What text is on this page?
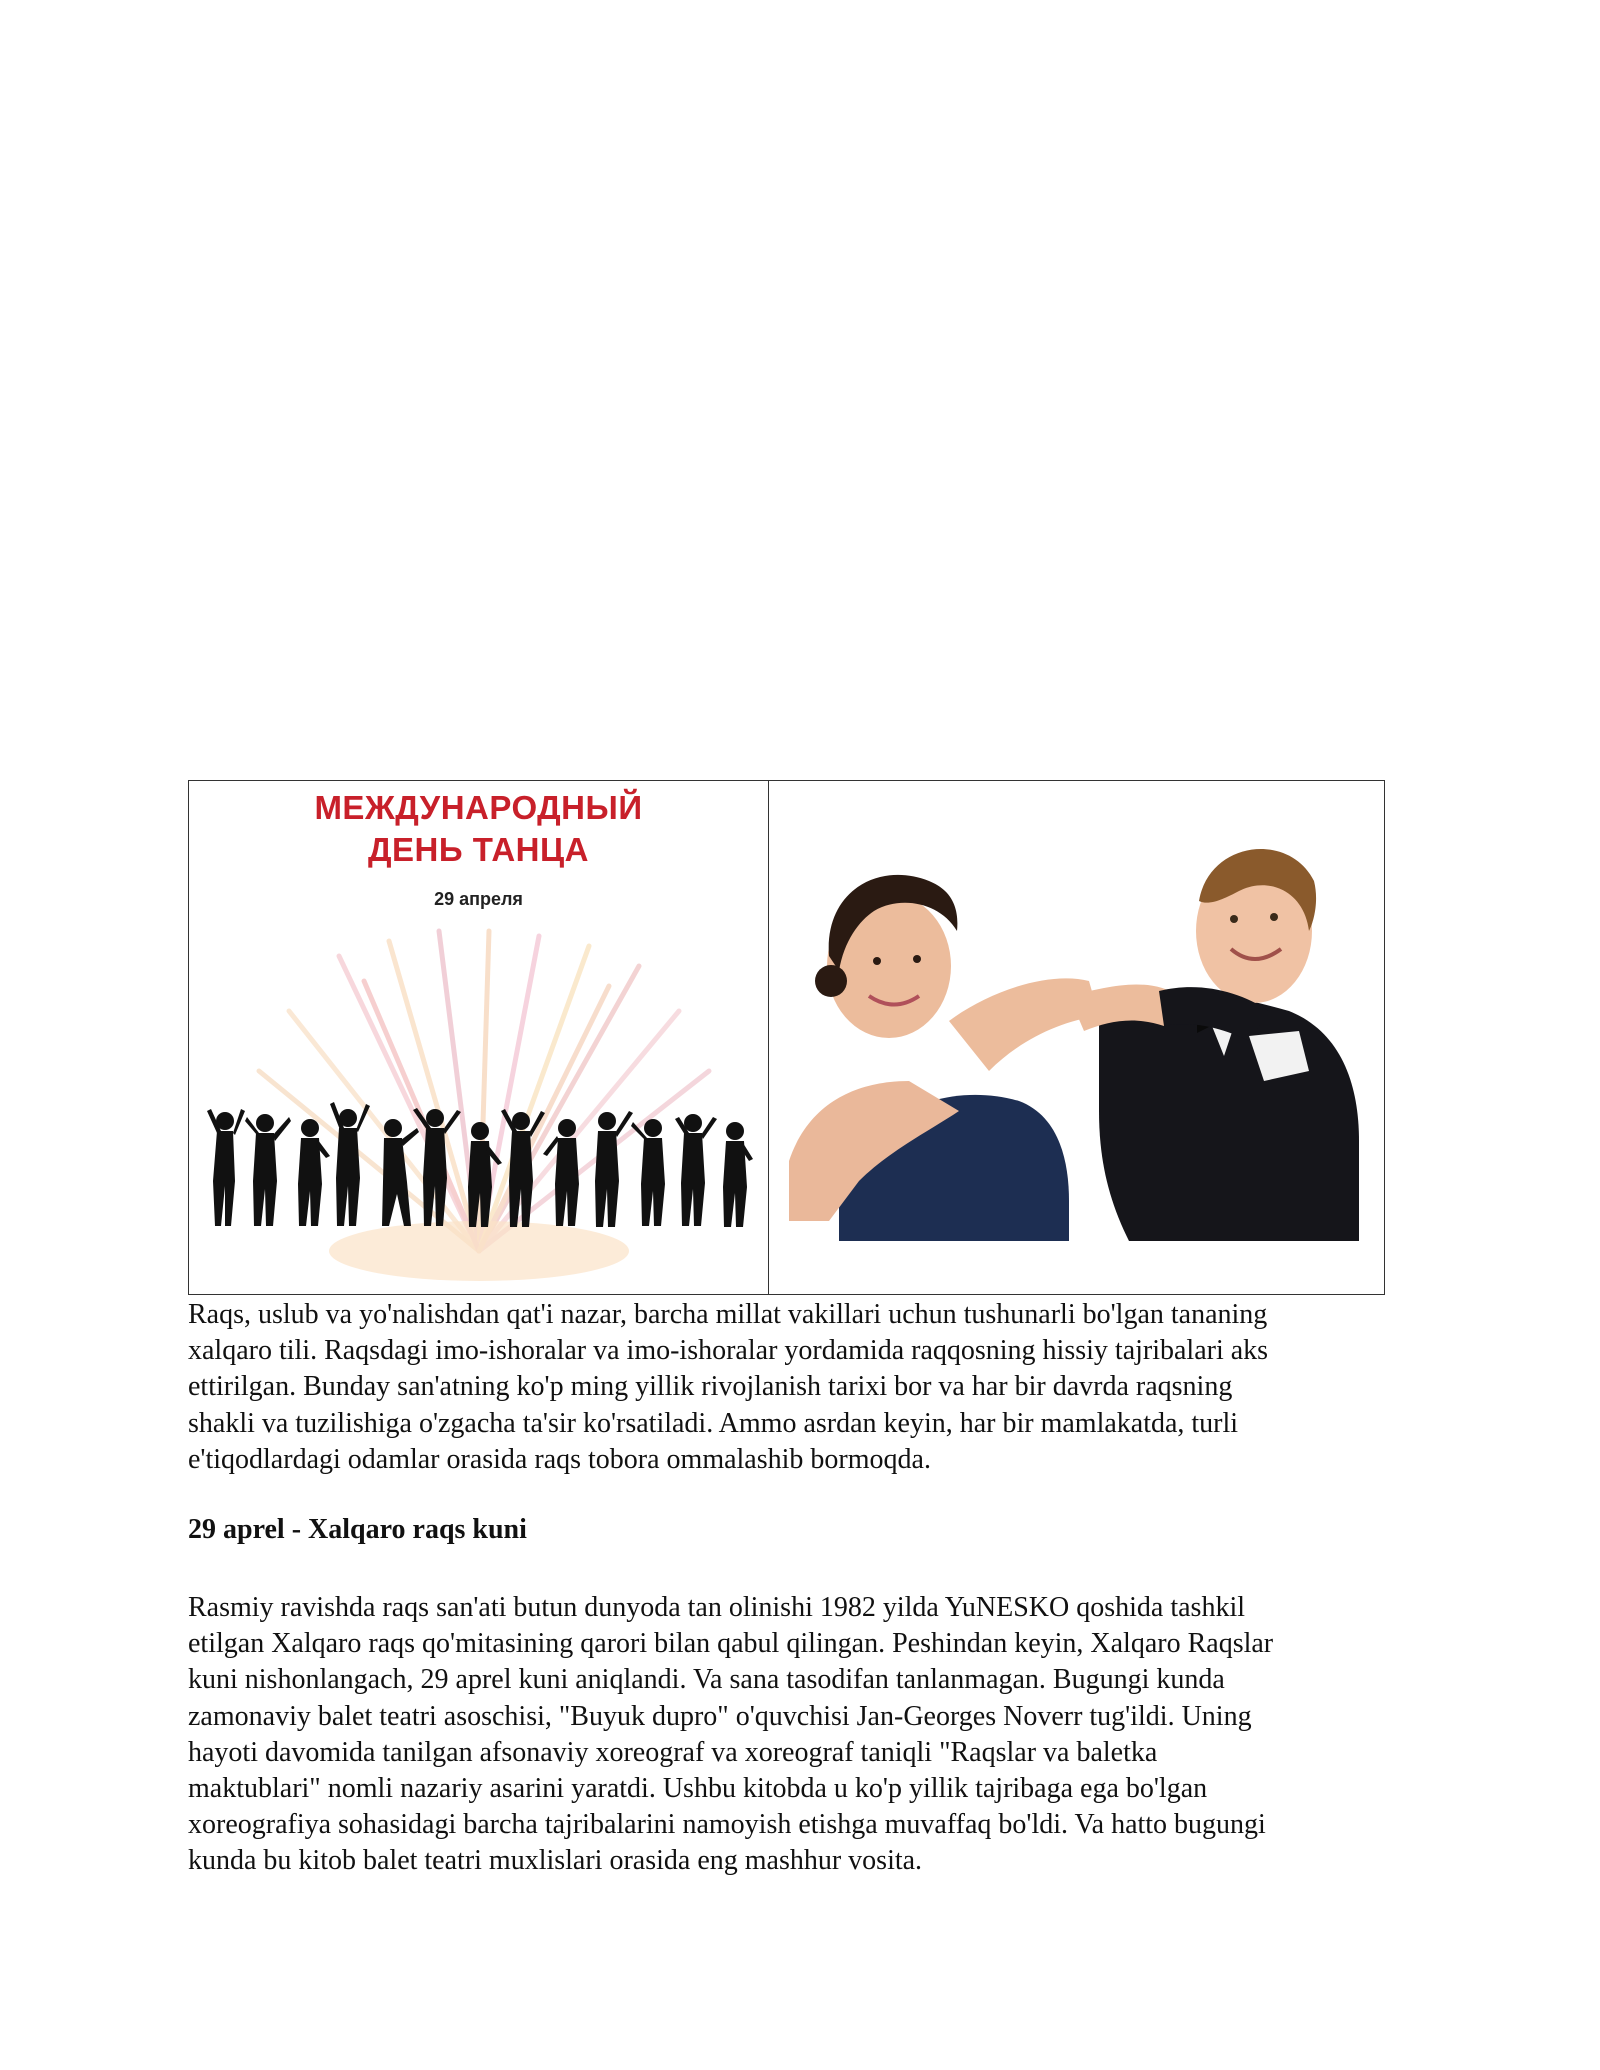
МЕЖДУНАРОДНЫЙ
ДЕНЬ ТАНЦА
29 апреля
Raqs, uslub va yo'nalishdan qat'i nazar, barcha millat vakillari uchun tushunarli bo'lgan tananing
xalqaro tili. Raqsdagi imo-ishoralar va imo-ishoralar yordamida raqqosning hissiy tajribalari aks
ettirilgan. Bunday san'atning ko'p ming yillik rivojlanish tarixi bor va har bir davrda raqsning
shakli va tuzilishiga o'zgacha ta'sir ko'rsatiladi. Ammo asrdan keyin, har bir mamlakatda, turli
e'tiqodlardagi odamlar orasida raqs tobora ommalashib bormoqda.
29 aprel - Xalqaro raqs kuni
Rasmiy ravishda raqs san'ati butun dunyoda tan olinishi 1982 yilda YuNESKO qoshida tashkil
etilgan Xalqaro raqs qo'mitasining qarori bilan qabul qilingan. Peshindan keyin, Xalqaro Raqslar
kuni nishonlangach, 29 aprel kuni aniqlandi. Va sana tasodifan tanlanmagan. Bugungi kunda
zamonaviy balet teatri asoschisi, "Buyuk dupro" o'quvchisi Jan-Georges Noverr tug'ildi. Uning
hayoti davomida tanilgan afsonaviy xoreograf va xoreograf taniqli "Raqslar va baletka
maktublari" nomli nazariy asarini yaratdi. Ushbu kitobda u ko'p yillik tajribaga ega bo'lgan
xoreografiya sohasidagi barcha tajribalarini namoyish etishga muvaffaq bo'ldi. Va hatto bugungi
kunda bu kitob balet teatri muxlislari orasida eng mashhur vosita.
